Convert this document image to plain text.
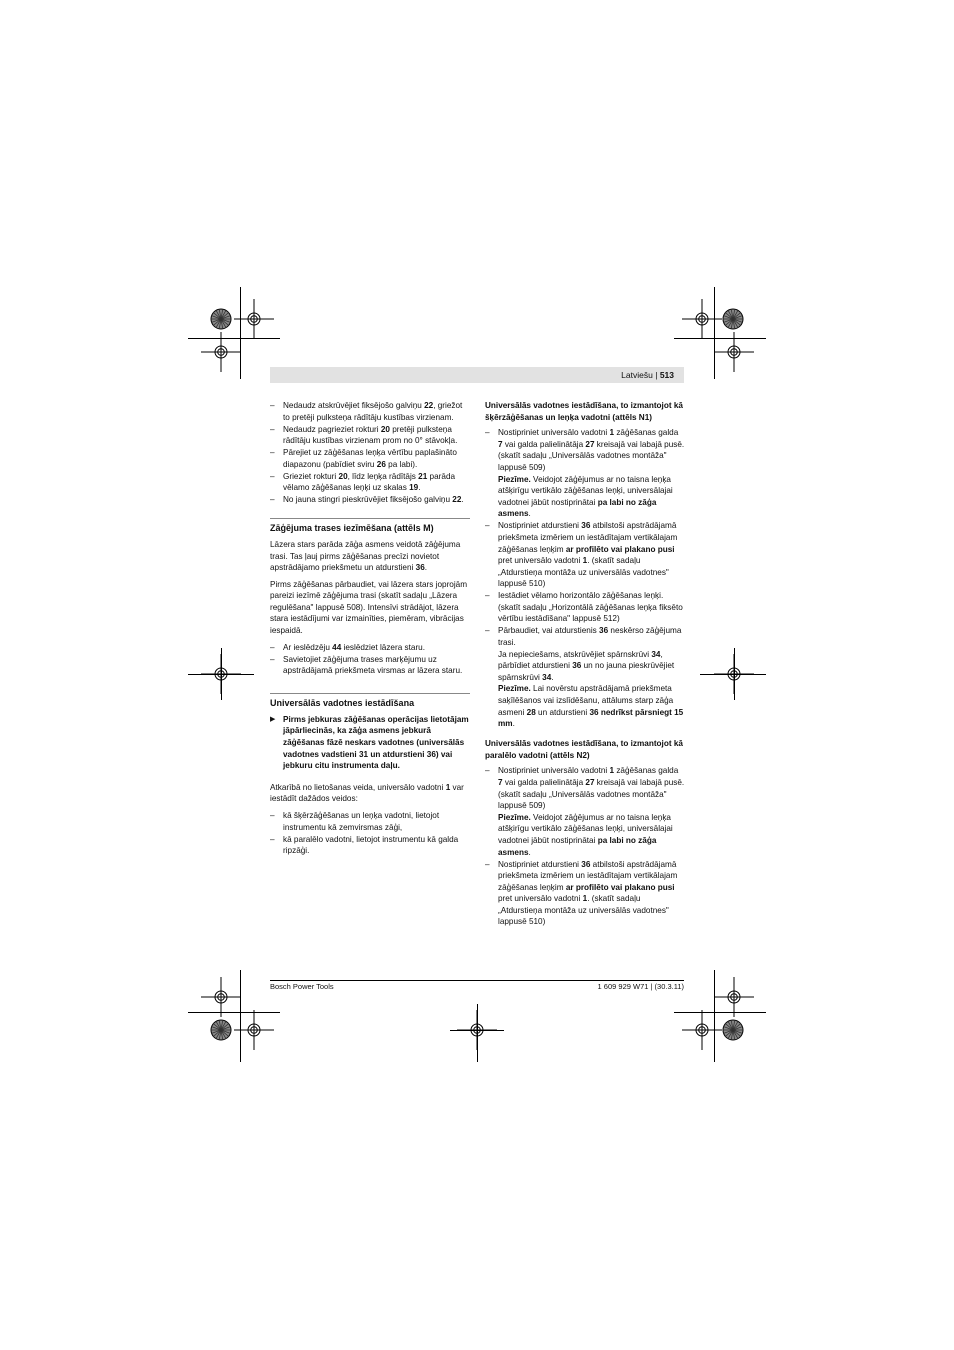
Latviešu | 513
– Nedaudz atskrūvējiet fiksējošo galviņu 22, griežot to pretēji pulksteņa rādītāju kustības virzienam.
– Nedaudz pagrieziet rokturi 20 pretēji pulksteņa rādītāju kustības virzienam prom no 0° stāvokļa.
– Pārejiet uz zāģēšanas leņķa vērtību paplašināto diapazonu (pabīdiet sviru 26 pa labi).
– Grieziet rokturi 20, līdz leņķa rādītājs 21 parāda vēlamo zāģēšanas leņķi uz skalas 19.
– No jauna stingri pieskrūvējiet fiksējošo galviņu 22.
Zāģējuma trases iezīmēšana (attēls M)

Lāzera stars parāda zāģa asmens veidotā zāģējuma trasi. Tas ļauj pirms zāģēšanas precīzi novietot apstrādājamo priekšmetu un atdurstieni 36.

Pirms zāģēšanas pārbaudiet, vai lāzera stars joprojām pareizi iezīmē zāģējuma trasi (skatīt sadaļu „Lāzera regulēšana" lappusē 508). Intensīvi strādājot, lāzera stara iestādījumi var izmainīties, piemēram, vibrācijas iespaidā.

– Ar ieslēdzēju 44 ieslēdziet lāzera staru.
– Savietojiet zāģējuma trases marķējumu uz apstrādājamā priekšmeta virsmas ar lāzera staru.
Universālās vadotnes iestādīšana
▶ Pirms jebkuras zāģēšanas operācijas lietotājam jāpārliecinās, ka zāģa asmens jebkurā zāģēšanas fāzē neskars vadotnes (universālās vadotnes vadstieni 31 un atdurstieni 36) vai jebkuru citu instrumenta daļu.

Atkarībā no lietošanas veida, universālo vadotni 1 var iestādīt dažādos veidos:

– kā šķērzāģēšanas un leņķa vadotni, lietojot instrumentu kā zemvirsmas zāģi,
– kā paralēlo vadotni, lietojot instrumentu kā galda ripzāģi.
Universālās vadotnes iestādīšana, to izmantojot kā šķērzāģēšanas un leņķa vadotni (attēls N1)
– Nostipriniet universālo vadotni 1 zāģēšanas galda 7 vai galda palielinātāja 27 kreisajā vai labajā pusē. (skatīt sadaļu „Universālās vadotnes montāža" lappusē 509)
Piezīme. Veidojot zāģējumus ar no taisna leņķa atšķirīgu vertikālo zāģēšanas leņķi, universālajai vadotnei jābūt nostiprinātai pa labi no zāģa asmens.
– Nostipriniet atdurstieni 36 atbilstoši apstrādājamā priekšmeta izmēriem un iestādītajam vertikālajam zāģēšanas leņķim ar profilēto vai plakano pusi pret universālo vadotni 1. (skatīt sadaļu „Atdurstieņa montāža uz universālās vadotnes" lappusē 510)
– Iestādiet vēlamo horizontālo zāģēšanas leņķi. (skatīt sadaļu „Horizontālā zāģēšanas leņķa fiksēto vērtību iestādīšana" lappusē 512)
– Pārbaudiet, vai atdurstienis 36 neskērso zāģējuma trasi.
Ja nepieciešams, atskrūvējiet spārnskrūvi 34, pārbīdiet atdurstieni 36 un no jauna pieskrūvējiet spārnskrūvi 34.
Piezīme. Lai novērstu apstrādājamā priekšmeta saķīlēšanos vai izslīdēšanu, attālums starp zāģa asmeni 28 un atdurstieni 36 nedrīkst pārsniegt 15 mm.
Universālās vadotnes iestādīšana, to izmantojot kā paralēlo vadotni (attēls N2)
– Nostipriniet universālo vadotni 1 zāģēšanas galda 7 vai galda palielinātāja 27 kreisajā vai labajā pusē. (skatīt sadaļu „Universālās vadotnes montāža" lappusē 509)
Piezīme. Veidojot zāģējumus ar no taisna leņķa atšķirīgu vertikālo zāģēšanas leņķi, universālajai vadotnei jābūt nostiprinātai pa labi no zāģa asmens.
– Nostipriniet atdurstieni 36 atbilstoši apstrādājamā priekšmeta izmēriem un iestādītajam vertikālajam zāģēšanas leņķim ar profilēto vai plakano pusi pret universālo vadotni 1. (skatīt sadaļu „Atdurstieņa montāža uz universālās vadotnes" lappusē 510)
Bosch Power Tools	1 609 929 W71 | (30.3.11)
